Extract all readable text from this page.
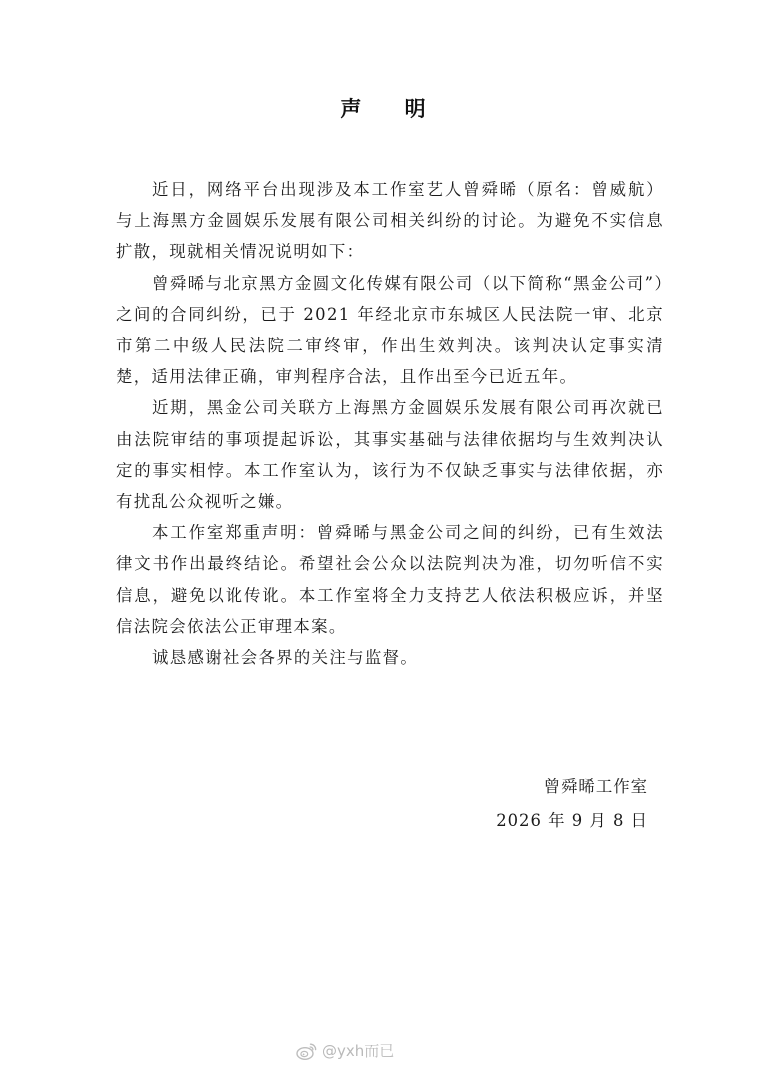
声 明

近日，网络平台出现涉及本工作室艺人曾舜晞（原名：曾威航）与上海黑方金圆娱乐发展有限公司相关纠纷的讨论。为避免不实信息扩散，现就相关情况说明如下：

曾舜晞与北京黑方金圆文化传媒有限公司（以下简称“黑金公司”）之间的合同纠纷，已于 2021 年经北京市东城区人民法院一审、北京市第二中级人民法院二审终审，作出生效判决。该判决认定事实清楚，适用法律正确，审判程序合法，且作出至今已近五年。

近期，黑金公司关联方上海黑方金圆娱乐发展有限公司再次就已由法院审结的事项提起诉讼，其事实基础与法律依据均与生效判决认定的事实相悖。本工作室认为，该行为不仅缺乏事实与法律依据，亦有扰乱公众视听之嫌。

本工作室郑重声明：曾舜晞与黑金公司之间的纠纷，已有生效法律文书作出最终结论。希望社会公众以法院判决为准，切勿听信不实信息，避免以讹传讹。本工作室将全力支持艺人依法积极应诉，并坚信法院会依法公正审理本案。

诚恳感谢社会各界的关注与监督。

曾舜晞工作室
2026 年 9 月 8 日
@yxh而已
